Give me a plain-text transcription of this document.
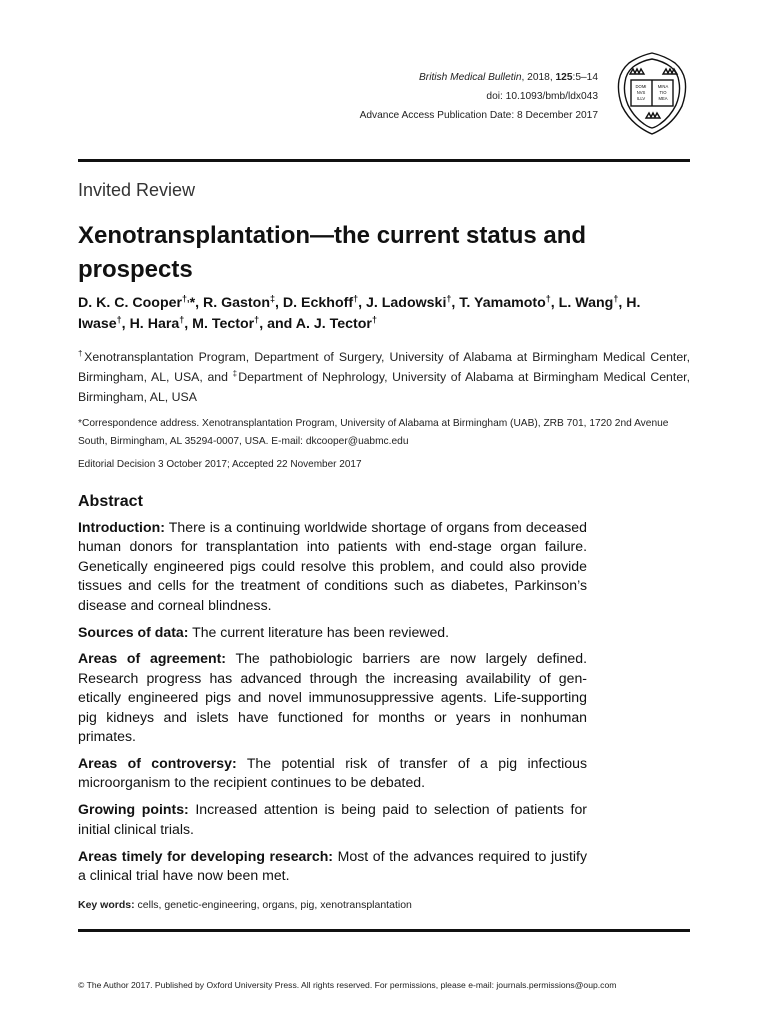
British Medical Bulletin, 2018, 125:5–14
doi: 10.1093/bmb/ldx043
Advance Access Publication Date: 8 December 2017
DOMI
NVS
ILLV
MINA
TIO
MEA
Invited Review
Xenotransplantation—the current status and prospects
D. K. C. Cooper†,*, R. Gaston‡, D. Eckhoff†, J. Ladowski†, T. Yamamoto†, L. Wang†, H. Iwase†, H. Hara†, M. Tector†, and A. J. Tector†
†Xenotransplantation Program, Department of Surgery, University of Alabama at Birmingham Medical Center, Birmingham, AL, USA, and ‡Department of Nephrology, University of Alabama at Birmingham Medical Center, Birmingham, AL, USA
*Correspondence address. Xenotransplantation Program, University of Alabama at Birmingham (UAB), ZRB 701, 1720 2nd Avenue South, Birmingham, AL 35294-0007, USA. E-mail: dkcooper@uabmc.edu
Editorial Decision 3 October 2017; Accepted 22 November 2017
Abstract

Introduction: There is a continuing worldwide shortage of organs from deceased human donors for transplantation into patients with end-stage organ failure. Genetically engineered pigs could resolve this problem, and could also provide tissues and cells for the treatment of conditions such as diabetes, Parkinson’s disease and corneal blindness.

Sources of data: The current literature has been reviewed.

Areas of agreement: The pathobiologic barriers are now largely defined. Research progress has advanced through the increasing availability of genetically engineered pigs and novel immunosuppressive agents. Life-supporting pig kidneys and islets have functioned for months or years in nonhuman primates.

Areas of controversy: The potential risk of transfer of a pig infectious microorganism to the recipient continues to be debated.

Growing points: Increased attention is being paid to selection of patients for initial clinical trials.

Areas timely for developing research: Most of the advances required to justify a clinical trial have now been met.

Key words: cells, genetic-engineering, organs, pig, xenotransplantation
© The Author 2017. Published by Oxford University Press. All rights reserved. For permissions, please e-mail: journals.permissions@oup.com
